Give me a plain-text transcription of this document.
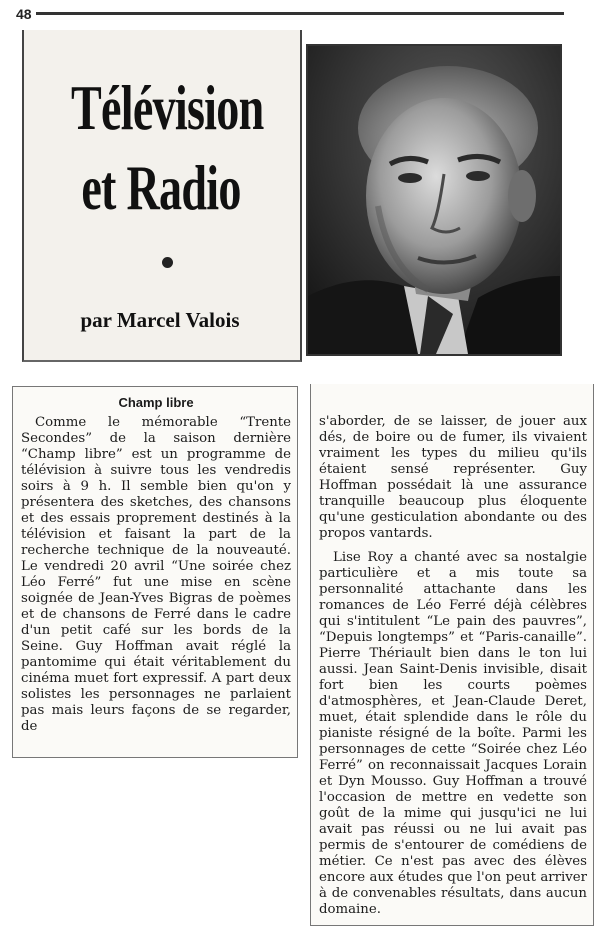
48
Télévision
et Radio
par Marcel Valois
Champ libre

Comme le mémorable “Trente Secondes” de la saison dernière “Champ libre” est un programme de télévision à suivre tous les vendredis soirs à 9 h. Il semble bien qu'on y présentera des sketches, des chansons et des essais proprement destinés à la télévision et faisant la part de la recherche technique de la nouveauté. Le vendredi 20 avril “Une soirée chez Léo Ferré” fut une mise en scène soignée de Jean-Yves Bigras de poèmes et de chansons de Ferré dans le cadre d'un petit café sur les bords de la Seine. Guy Hoffman avait réglé la pantomime qui était véritablement du cinéma muet fort expressif. A part deux solistes les personnages ne parlaient pas mais leurs façons de se regarder, de

s'aborder, de se laisser, de jouer aux dés, de boire ou de fumer, ils vivaient vraiment les types du milieu qu'ils étaient sensé représenter. Guy Hoffman possédait là une assurance tranquille beaucoup plus éloquente qu'une gesticulation abondante ou des propos vantards.

Lise Roy a chanté avec sa nostalgie particulière et a mis toute sa personnalité attachante dans les romances de Léo Ferré déjà célèbres qui s'intitulent “Le pain des pauvres”, “Depuis longtemps” et “Paris-canaille”. Pierre Thériault bien dans le ton lui aussi. Jean Saint-Denis invisible, disait fort bien les courts poèmes d'atmosphères, et Jean-Claude Deret, muet, était splendide dans le rôle du pianiste résigné de la boîte. Parmi les personnages de cette “Soirée chez Léo Ferré” on reconnaissait Jacques Lorain et Dyn Mousso. Guy Hoffman a trouvé l'occasion de mettre en vedette son goût de la mime qui jusqu'ici ne lui avait pas réussi ou ne lui avait pas permis de s'entourer de comédiens de métier. Ce n'est pas avec des élèves encore aux études que l'on peut arriver à de convenables résultats, dans aucun domaine.
